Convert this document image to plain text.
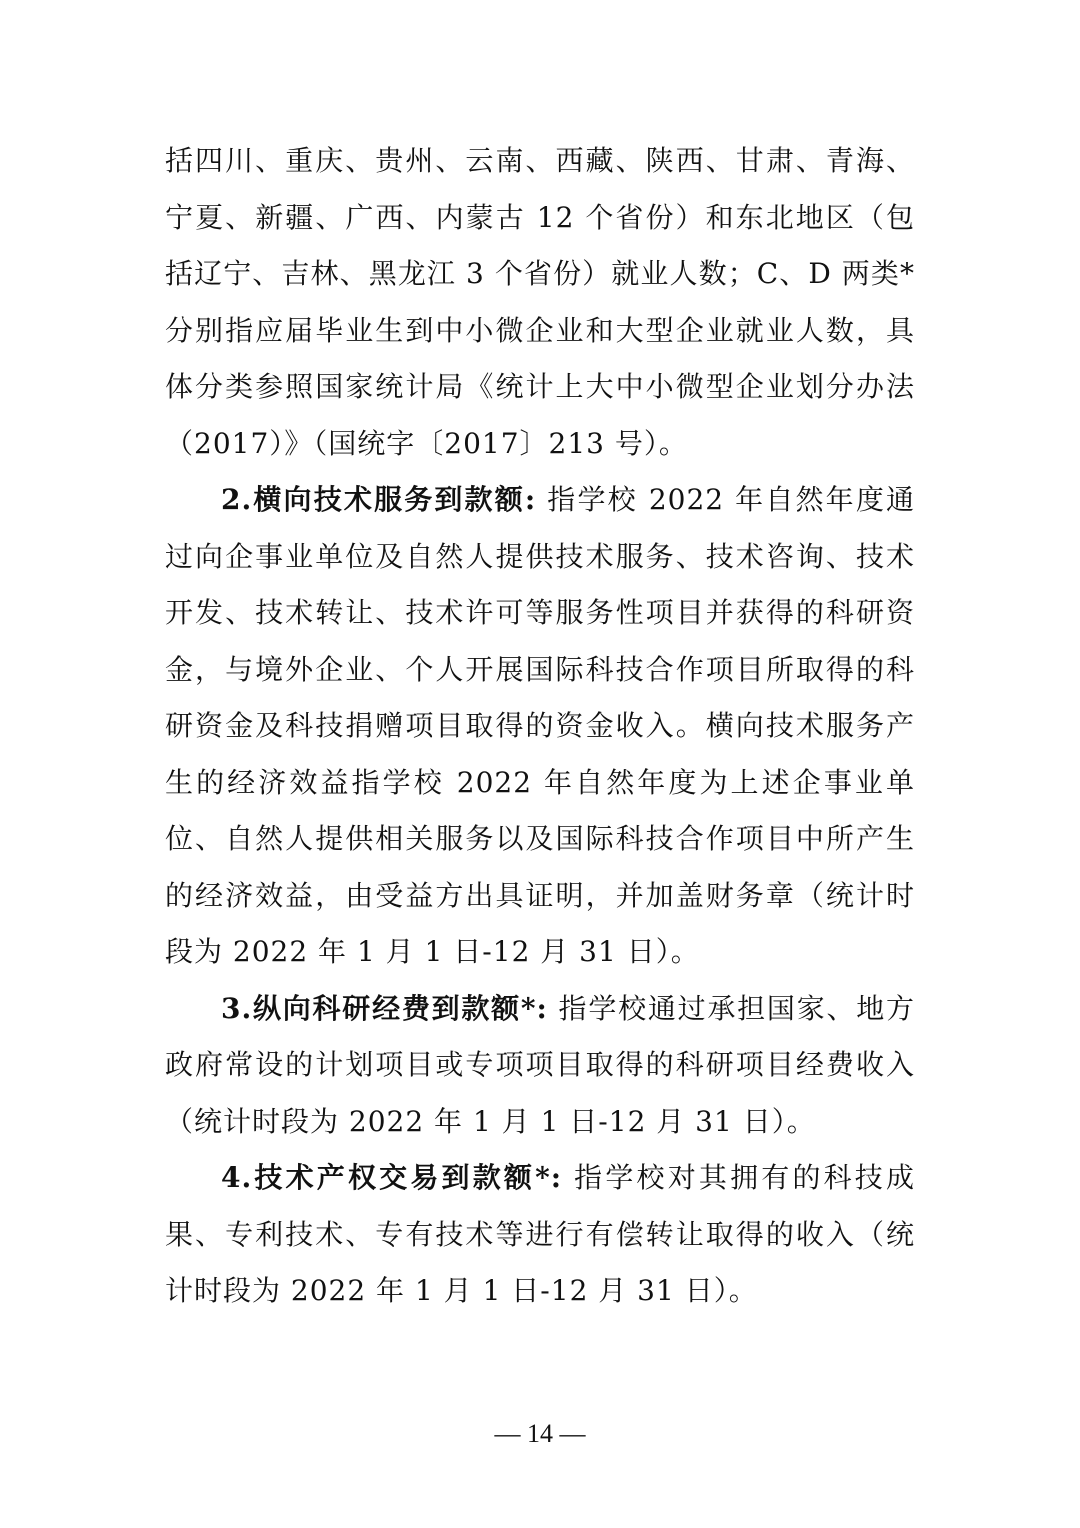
括四川、重庆、贵州、云南、西藏、陕西、甘肃、青海、宁夏、新疆、广西、内蒙古 12 个省份）和东北地区（包括辽宁、吉林、黑龙江 3 个省份）就业人数；C、D 两类*分别指应届毕业生到中小微企业和大型企业就业人数，具体分类参照国家统计局《统计上大中小微型企业划分办法（2017）》（国统字〔2017〕213 号）。

2.横向技术服务到款额: 指学校 2022 年自然年度通过向企事业单位及自然人提供技术服务、技术咨询、技术开发、技术转让、技术许可等服务性项目并获得的科研资金，与境外企业、个人开展国际科技合作项目所取得的科研资金及科技捐赠项目取得的资金收入。横向技术服务产生的经济效益指学校 2022 年自然年度为上述企事业单位、自然人提供相关服务以及国际科技合作项目中所产生的经济效益，由受益方出具证明，并加盖财务章（统计时段为 2022 年 1 月 1 日-12 月 31 日）。

3.纵向科研经费到款额*: 指学校通过承担国家、地方政府常设的计划项目或专项项目取得的科研项目经费收入（统计时段为 2022 年 1 月 1 日-12 月 31 日）。

4.技术产权交易到款额*: 指学校对其拥有的科技成果、专利技术、专有技术等进行有偿转让取得的收入（统计时段为 2022 年 1 月 1 日-12 月 31 日）。

— 14 —
